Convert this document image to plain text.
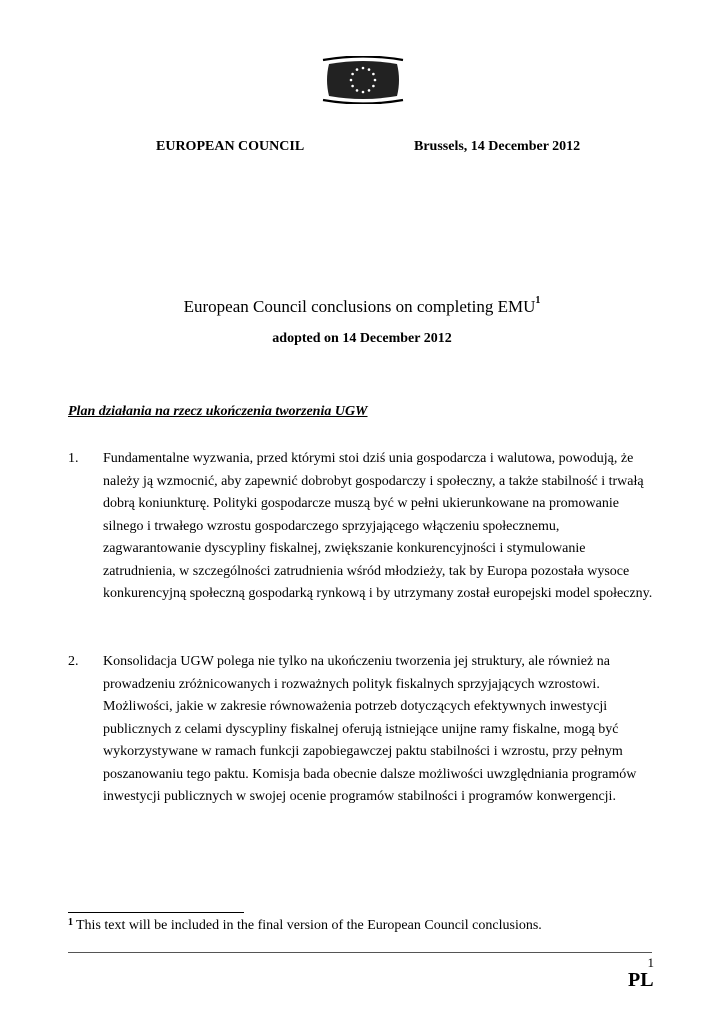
EUROPEAN COUNCIL	Brussels, 14 December 2012
European Council conclusions on completing EMU$^1$
adopted on 14 December 2012
Plan działania na rzecz ukończenia tworzenia UGW
1. Fundamentalne wyzwania, przed którymi stoi dziś unia gospodarcza i walutowa, powodują, że należy ją wzmocnić, aby zapewnić dobrobyt gospodarczy i społeczny, a także stabilność i trwałą dobrą koniunkturę. Polityki gospodarcze muszą być w pełni ukierunkowane na promowanie silnego i trwałego wzrostu gospodarczego sprzyjającego włączeniu społecznemu, zagwarantowanie dyscypliny fiskalnej, zwiększanie konkurencyjności i stymulowanie zatrudnienia, w szczególności zatrudnienia wśród młodzieży, tak by Europa pozostała wysoce konkurencyjną społeczną gospodarką rynkową i by utrzymany został europejski model społeczny.

2. Konsolidacja UGW polega nie tylko na ukończeniu tworzenia jej struktury, ale również na prowadzeniu zróżnicowanych i rozważnych polityk fiskalnych sprzyjających wzrostowi. Możliwości, jakie w zakresie równoważenia potrzeb dotyczących efektywnych inwestycji publicznych z celami dyscypliny fiskalnej oferują istniejące unijne ramy fiskalne, mogą być wykorzystywane w ramach funkcji zapobiegawczej paktu stabilności i wzrostu, przy pełnym poszanowaniu tego paktu. Komisja bada obecnie dalsze możliwości uwzględniania programów inwestycji publicznych w swojej ocenie programów stabilności i programów konwergencji.

$^1$ This text will be included in the final version of the European Council conclusions.
1
PL
